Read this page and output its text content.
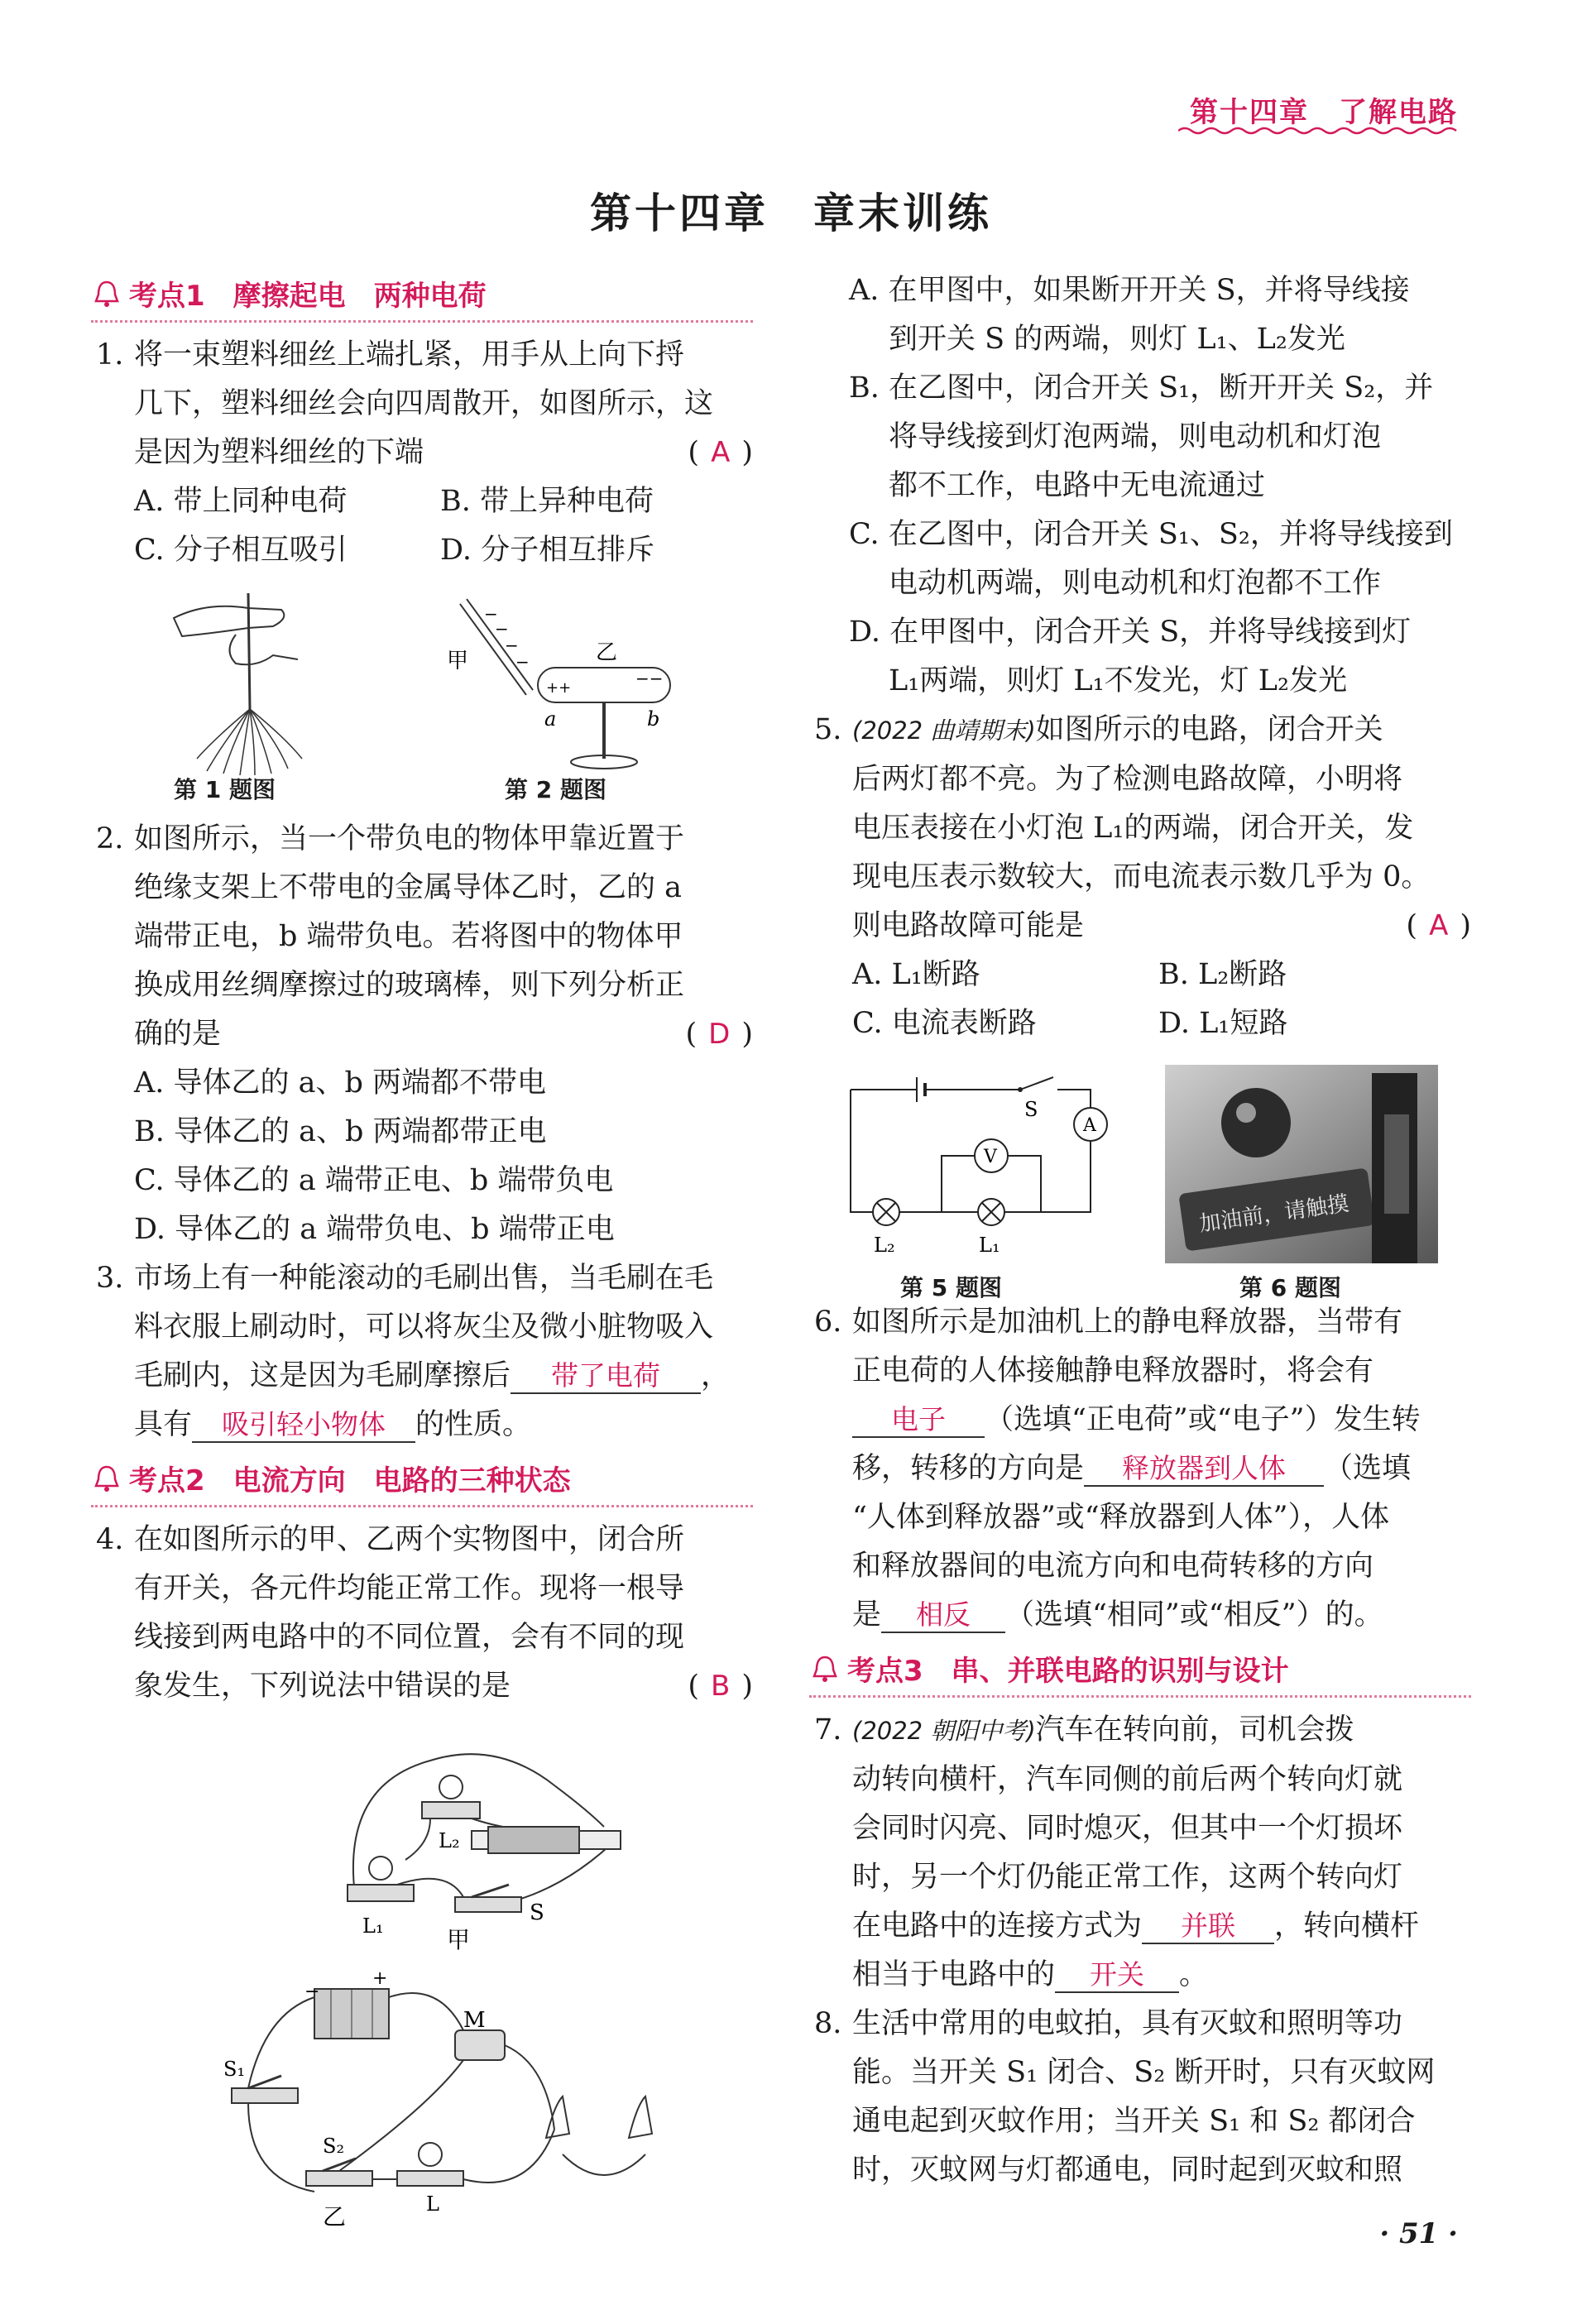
第十四章　了解电路
第十四章　章末训练
考点1　摩擦起电　两种电荷
1. 将一束塑料细丝上端扎紧，用手从上向下捋
几下，塑料细丝会向四周散开，如图所示，这
是因为塑料细丝的下端	( A )
A. 带上同种电荷	B. 带上异种电荷
C. 分子相互吸引	D. 分子相互排斥
第 1 题图
−
−
−
−
甲
++	−−
乙
a	b
第 2 题图
2. 如图所示，当一个带负电的物体甲靠近置于
绝缘支架上不带电的金属导体乙时，乙的 a
端带正电，b 端带负电。若将图中的物体甲
换成用丝绸摩擦过的玻璃棒，则下列分析正
确的是	( D )
A. 导体乙的 a、b 两端都不带电
B. 导体乙的 a、b 两端都带正电
C. 导体乙的 a 端带正电、b 端带负电
D. 导体乙的 a 端带负电、b 端带正电
3. 市场上有一种能滚动的毛刷出售，当毛刷在毛
料衣服上刷动时，可以将灰尘及微小脏物吸入
毛刷内，这是因为毛刷摩擦后 带了电荷 ，
具有 吸引轻小物体 的性质。
考点2　电流方向　电路的三种状态
4. 在如图所示的甲、乙两个实物图中，闭合所
有开关，各元件均能正常工作。现将一根导
线接到两电路中的不同位置，会有不同的现
象发生，下列说法中错误的是	( B )
L₂
L₁
S
甲
+
−
M
S₁
S₂
L
乙
A. 在甲图中，如果断开开关 S，并将导线接
到开关 S 的两端，则灯 L₁、L₂发光
B. 在乙图中，闭合开关 S₁，断开开关 S₂，并
将导线接到灯泡两端，则电动机和灯泡
都不工作，电路中无电流通过
C. 在乙图中，闭合开关 S₁、S₂，并将导线接到
电动机两端，则电动机和灯泡都不工作
D. 在甲图中，闭合开关 S，并将导线接到灯
L₁两端，则灯 L₁不发光，灯 L₂发光
5. (2022 曲靖期末)如图所示的电路，闭合开关
后两灯都不亮。为了检测电路故障，小明将
电压表接在小灯泡 L₁的两端，闭合开关，发
现电压表示数较大，而电流表示数几乎为 0。
则电路故障可能是	( A )
A. L₁断路	B. L₂断路
C. 电流表断路	D. L₁短路
S
A
V
L₂	L₁
第 5 题图
加油前，请触摸
第 6 题图
6. 如图所示是加油机上的静电释放器，当带有
正电荷的人体接触静电释放器时，将会有
电子 （选填“正电荷”或“电子”）发生转
移，转移的方向是 释放器到人体 （选填
“人体到释放器”或“释放器到人体”），人体
和释放器间的电流方向和电荷转移的方向
是 相反 （选填“相同”或“相反”）的。
考点3　串、并联电路的识别与设计
7. (2022 朝阳中考)汽车在转向前，司机会拨
动转向横杆，汽车同侧的前后两个转向灯就
会同时闪亮、同时熄灭，但其中一个灯损坏
时，另一个灯仍能正常工作，这两个转向灯
在电路中的连接方式为 并联 ，转向横杆
相当于电路中的 开关 。
8. 生活中常用的电蚊拍，具有灭蚊和照明等功
能。当开关 S₁ 闭合、S₂ 断开时，只有灭蚊网
通电起到灭蚊作用；当开关 S₁ 和 S₂ 都闭合
时，灭蚊网与灯都通电，同时起到灭蚊和照
· 51 ·
